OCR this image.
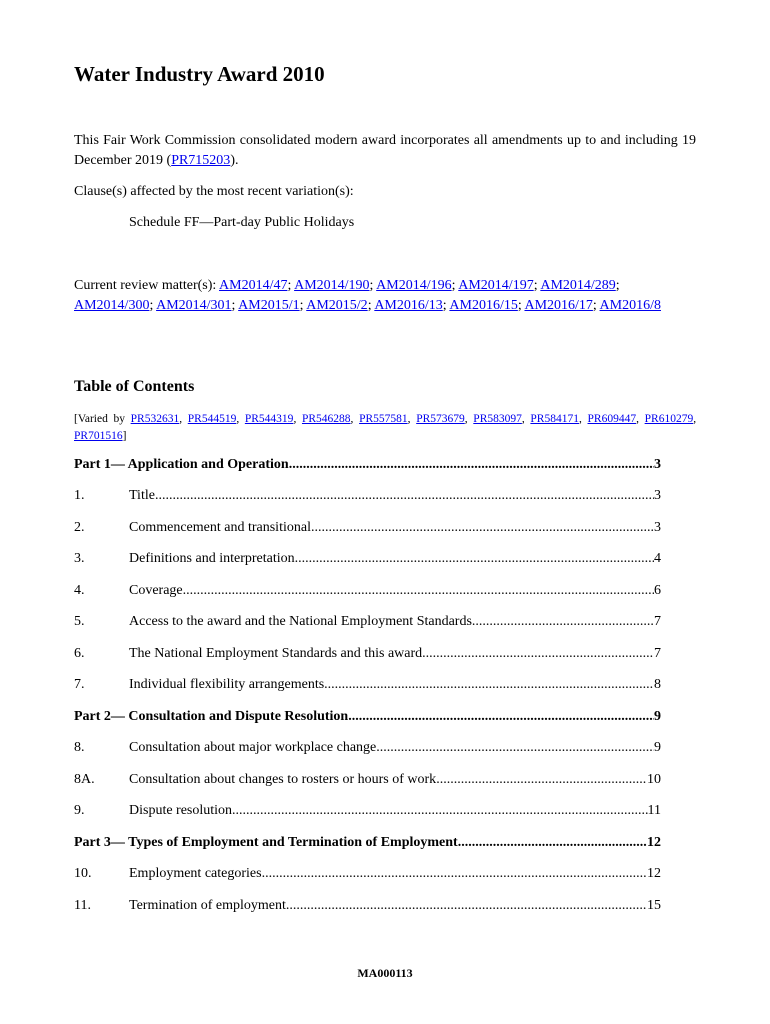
Water Industry Award 2010
This Fair Work Commission consolidated modern award incorporates all amendments up to and including 19 December 2019 (PR715203).
Clause(s) affected by the most recent variation(s):
Schedule FF—Part-day Public Holidays
Current review matter(s): AM2014/47; AM2014/190; AM2014/196; AM2014/197; AM2014/289; AM2014/300; AM2014/301; AM2015/1; AM2015/2; AM2016/13; AM2016/15; AM2016/17; AM2016/8
Table of Contents
[Varied by PR532631, PR544519, PR544319, PR546288, PR557581, PR573679, PR583097, PR584171, PR609447, PR610279, PR701516]
Part 1— Application and Operation .....	3
1.	Title .....	3
2.	Commencement and transitional .....	3
3.	Definitions and interpretation .....	4
4.	Coverage .....	6
5.	Access to the award and the National Employment Standards .....	7
6.	The National Employment Standards and this award .....	7
7.	Individual flexibility arrangements .....	8
Part 2— Consultation and Dispute Resolution .....	9
8.	Consultation about major workplace change .....	9
8A.	Consultation about changes to rosters or hours of work .....	10
9.	Dispute resolution .....	11
Part 3— Types of Employment and Termination of Employment .....	12
10.	Employment categories .....	12
11.	Termination of employment .....	15
MA000113
